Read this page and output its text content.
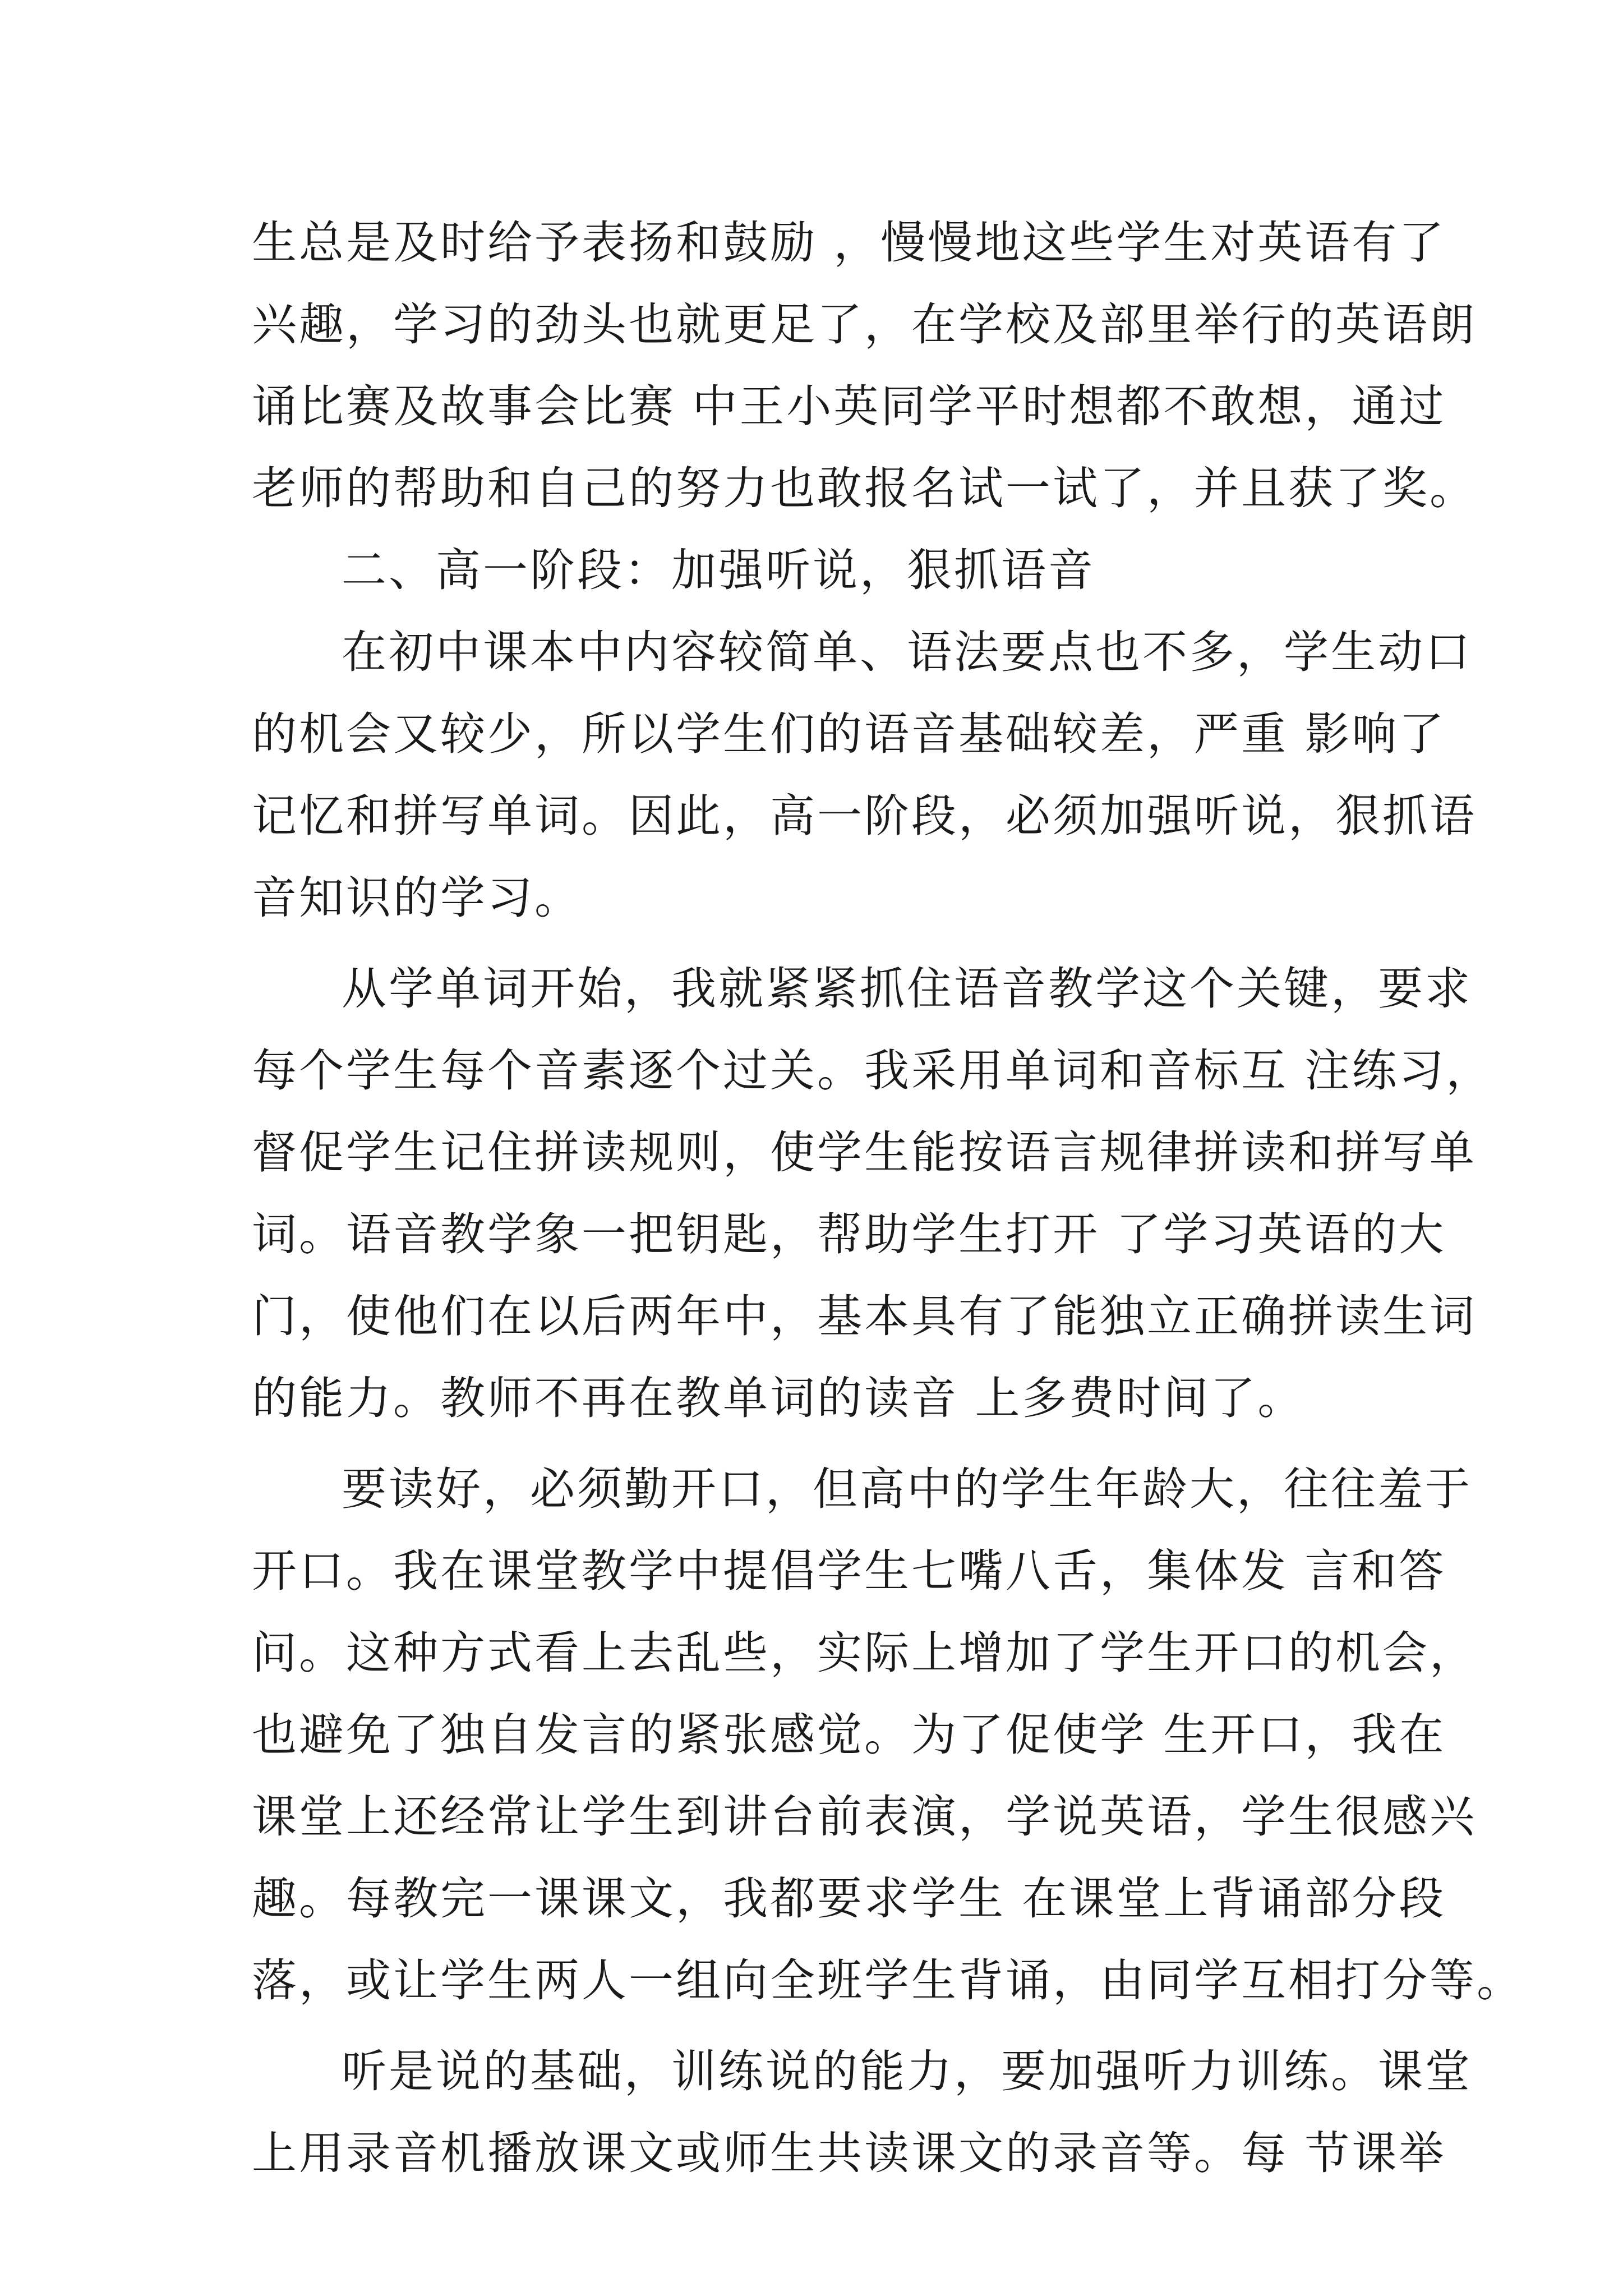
生总是及时给予表扬和鼓励 ，慢慢地这些学生对英语有了
兴趣，学习的劲头也就更足了，在学校及部里举行的英语朗
诵比赛及故事会比赛 中王小英同学平时想都不敢想，通过
老师的帮助和自己的努力也敢报名试一试了，并且获了奖。
二、高一阶段：加强听说，狠抓语音
在初中课本中内容较简单、语法要点也不多，学生动口
的机会又较少，所以学生们的语音基础较差，严重 影响了
记忆和拼写单词。因此，高一阶段，必须加强听说，狠抓语
音知识的学习。
从学单词开始，我就紧紧抓住语音教学这个关键，要求
每个学生每个音素逐个过关。我采用单词和音标互 注练习，
督促学生记住拼读规则，使学生能按语言规律拼读和拼写单
词。语音教学象一把钥匙，帮助学生打开 了学习英语的大
门，使他们在以后两年中，基本具有了能独立正确拼读生词
的能力。教师不再在教单词的读音 上多费时间了。
要读好，必须勤开口，但高中的学生年龄大，往往羞于
开口。我在课堂教学中提倡学生七嘴八舌，集体发 言和答
问。这种方式看上去乱些，实际上增加了学生开口的机会，
也避免了独自发言的紧张感觉。为了促使学 生开口，我在
课堂上还经常让学生到讲台前表演，学说英语，学生很感兴
趣。每教完一课课文，我都要求学生 在课堂上背诵部分段
落，或让学生两人一组向全班学生背诵，由同学互相打分等。
听是说的基础，训练说的能力，要加强听力训练。课堂
上用录音机播放课文或师生共读课文的录音等。每 节课举
